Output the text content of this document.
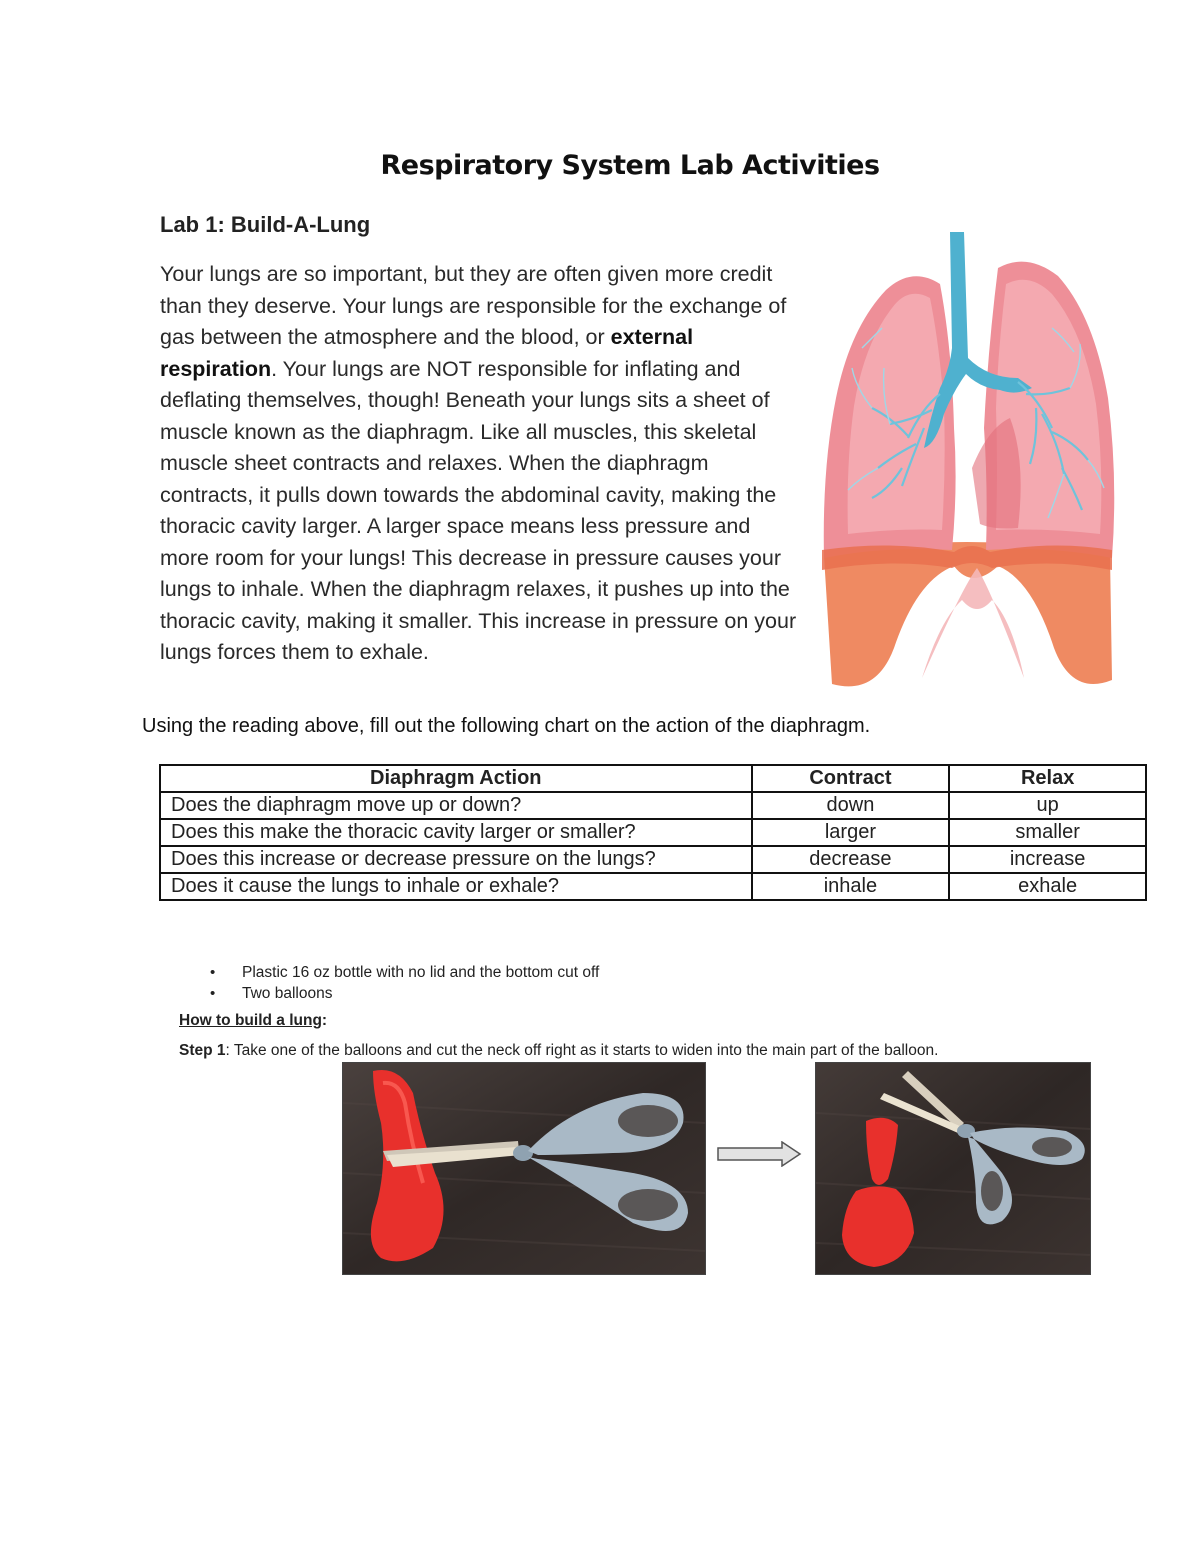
Respiratory System Lab Activities
Lab 1: Build-A-Lung

Your lungs are so important, but they are often given more credit than they deserve. Your lungs are responsible for the exchange of gas between the atmosphere and the blood, or external respiration. Your lungs are NOT responsible for inflating and deflating themselves, though! Beneath your lungs sits a sheet of muscle known as the diaphragm. Like all muscles, this skeletal muscle sheet contracts and relaxes. When the diaphragm contracts, it pulls down towards the abdominal cavity, making the thoracic cavity larger. A larger space means less pressure and more room for your lungs! This decrease in pressure causes your lungs to inhale. When the diaphragm relaxes, it pushes up into the thoracic cavity, making it smaller. This increase in pressure on your lungs forces them to exhale.

Using the reading above, fill out the following chart on the action of the diaphragm.
Diaphragm Action	Contract	Relax
Does the diaphragm move up or down?	down	up
Does this make the thoracic cavity larger or smaller?	larger	smaller
Does this increase or decrease pressure on the lungs?	decrease	increase
Does it cause the lungs to inhale or exhale?	inhale	exhale
• Plastic 16 oz bottle with no lid and the bottom cut off
• Two balloons
How to build a lung:
Step 1: Take one of the balloons and cut the neck off right as it starts to widen into the main part of the balloon.
